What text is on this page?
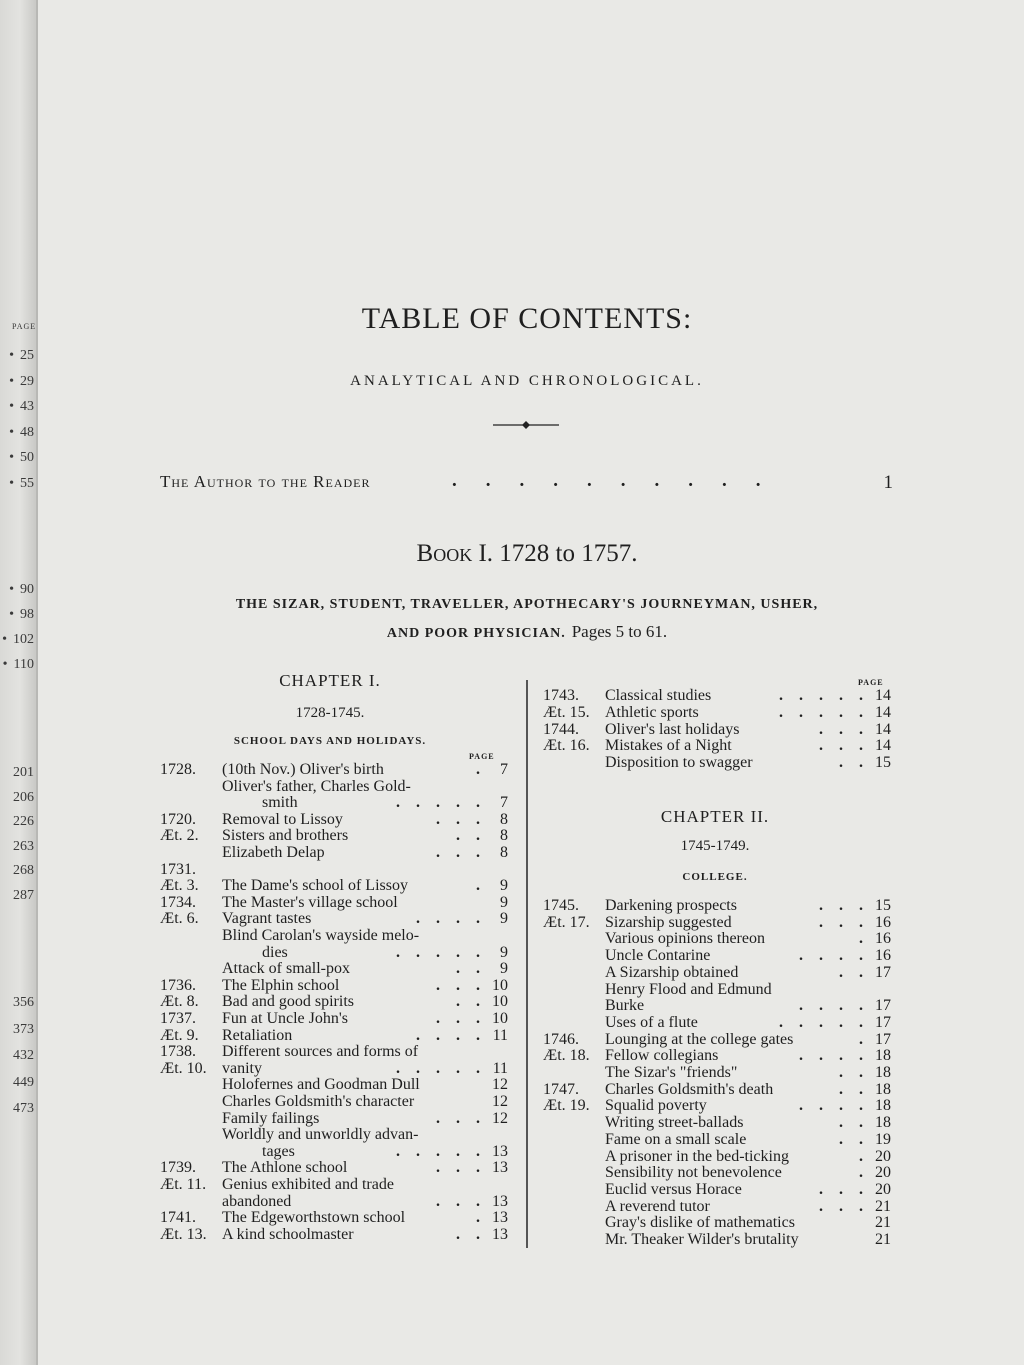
PAGE
• 25
• 29
• 43
• 48
• 50
• 55
• 90
• 98
• 102
• 110
201
206
226
263
268
287
356
373
432
449
473
TABLE OF CONTENTS:
ANALYTICAL AND CHRONOLOGICAL.
The Author to the Reader	..........	1
Book I. 1728 to 1757.
THE SIZAR, STUDENT, TRAVELLER, APOTHECARY'S JOURNEYMAN, USHER,
AND POOR PHYSICIAN. Pages 5 to 61.
CHAPTER I.
1728-1745.
SCHOOL DAYS AND HOLIDAYS.
PAGE
PAGE
CHAPTER II.
1745-1749.
COLLEGE.
1728. (10th Nov.) Oliver's birth	. 7
Oliver's father, Charles Gold-
smith	. . . . . 7
1720. Removal to Lissoy	. . . 8
Æt. 2. Sisters and brothers	. . 8
Elizabeth Delap	. . . 8
1731.
Æt. 3. The Dame's school of Lissoy	. 9
1734. The Master's village school	9
Æt. 6. Vagrant tastes	. . . . 9
Blind Carolan's wayside melo-
dies	. . . . . 9
Attack of small-pox	. . 9
1736. The Elphin school	. . . 10
Æt. 8. Bad and good spirits	. . 10
1737. Fun at Uncle John's	. . . 10
Æt. 9. Retaliation	. . . . 11
1738. Different sources and forms of
Æt. 10. vanity	. . . . . 11
Holofernes and Goodman Dull	12
Charles Goldsmith's character	12
Family failings	. . . 12
Worldly and unworldly advan-
tages	. . . . . 13
1739. The Athlone school	. . . 13
Æt. 11. Genius exhibited and trade
abandoned	. . . 13
1741. The Edgeworthstown school	. 13
Æt. 13. A kind schoolmaster	. . 13
1743. Classical studies	. . . . . 14
Æt. 15. Athletic sports	. . . . . 14
1744. Oliver's last holidays	. . . 14
Æt. 16. Mistakes of a Night	. . . 14
Disposition to swagger	. . 15
1745. Darkening prospects	. . . 15
Æt. 17. Sizarship suggested	. . . 16
Various opinions thereon	. 16
Uncle Contarine	. . . . 16
A Sizarship obtained	. . 17
Henry Flood and Edmund
Burke	. . . . 17
Uses of a flute	. . . . . 17
1746. Lounging at the college gates	. 17
Æt. 18. Fellow collegians	. . . . 18
The Sizar's "friends"	. . 18
1747. Charles Goldsmith's death	. . 18
Æt. 19. Squalid poverty	. . . . 18
Writing street-ballads	. . 18
Fame on a small scale	. . 19
A prisoner in the bed-ticking	. 20
Sensibility not benevolence	. 20
Euclid versus Horace	. . . 20
A reverend tutor	. . . 21
Gray's dislike of mathematics	21
Mr. Theaker Wilder's brutality	21
